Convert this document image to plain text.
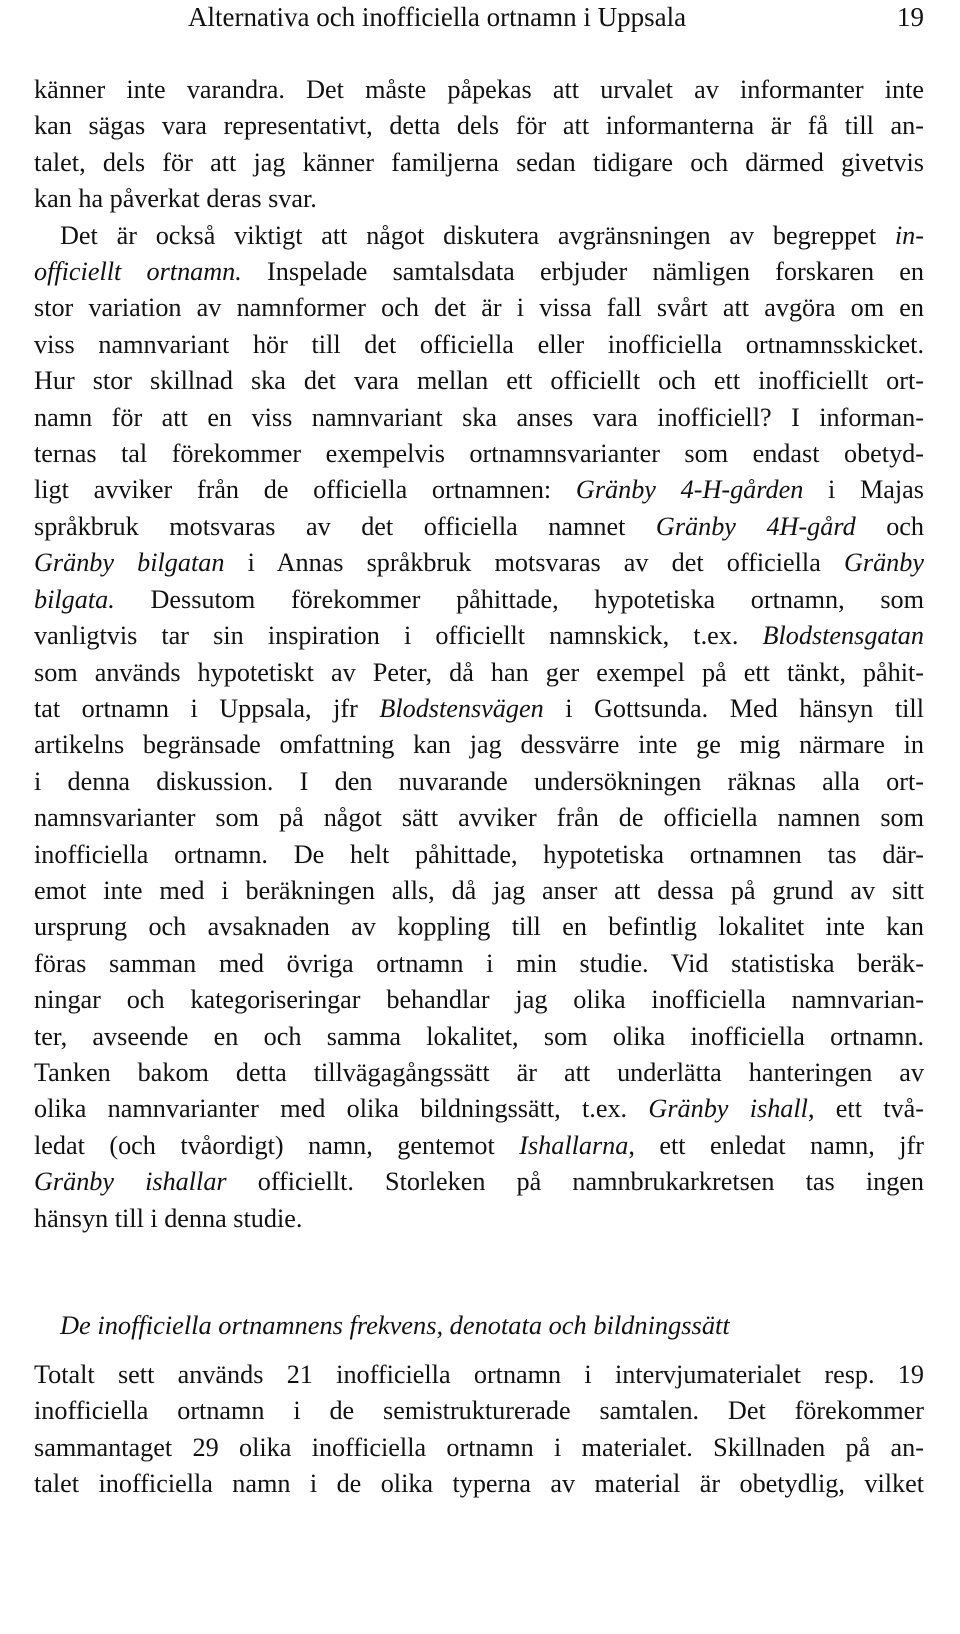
Alternativa och inofficiella ortnamn i Uppsala	19
känner inte varandra. Det måste påpekas att urvalet av informanter inte
kan sägas vara representativt, detta dels för att informanterna är få till an-
talet, dels för att jag känner familjerna sedan tidigare och därmed givetvis
kan ha påverkat deras svar.
Det är också viktigt att något diskutera avgränsningen av begreppet in-
officiellt ortnamn. Inspelade samtalsdata erbjuder nämligen forskaren en
stor variation av namnformer och det är i vissa fall svårt att avgöra om en
viss namnvariant hör till det officiella eller inofficiella ortnamnsskicket.
Hur stor skillnad ska det vara mellan ett officiellt och ett inofficiellt ort-
namn för att en viss namnvariant ska anses vara inofficiell? I informan-
ternas tal förekommer exempelvis ortnamnsvarianter som endast obetyd-
ligt avviker från de officiella ortnamnen: Gränby 4-H-gården i Majas
språkbruk motsvaras av det officiella namnet Gränby 4H-gård och
Gränby bilgatan i Annas språkbruk motsvaras av det officiella Gränby
bilgata. Dessutom förekommer påhittade, hypotetiska ortnamn, som
vanligtvis tar sin inspiration i officiellt namnskick, t.ex. Blodstensgatan
som används hypotetiskt av Peter, då han ger exempel på ett tänkt, påhit-
tat ortnamn i Uppsala, jfr Blodstensvägen i Gottsunda. Med hänsyn till
artikelns begränsade omfattning kan jag dessvärre inte ge mig närmare in
i denna diskussion. I den nuvarande undersökningen räknas alla ort-
namnsvarianter som på något sätt avviker från de officiella namnen som
inofficiella ortnamn. De helt påhittade, hypotetiska ortnamnen tas där-
emot inte med i beräkningen alls, då jag anser att dessa på grund av sitt
ursprung och avsaknaden av koppling till en befintlig lokalitet inte kan
föras samman med övriga ortnamn i min studie. Vid statistiska beräk-
ningar och kategoriseringar behandlar jag olika inofficiella namnvarian-
ter, avseende en och samma lokalitet, som olika inofficiella ortnamn.
Tanken bakom detta tillvägagångssätt är att underlätta hanteringen av
olika namnvarianter med olika bildningssätt, t.ex. Gränby ishall, ett två-
ledat (och tvåordigt) namn, gentemot Ishallarna, ett enledat namn, jfr
Gränby ishallar officiellt. Storleken på namnbrukarkretsen tas ingen
hänsyn till i denna studie.
De inofficiella ortnamnens frekvens, denotata och bildningssätt
Totalt sett används 21 inofficiella ortnamn i intervjumaterialet resp. 19
inofficiella ortnamn i de semistrukturerade samtalen. Det förekommer
sammantaget 29 olika inofficiella ortnamn i materialet. Skillnaden på an-
talet inofficiella namn i de olika typerna av material är obetydlig, vilket
